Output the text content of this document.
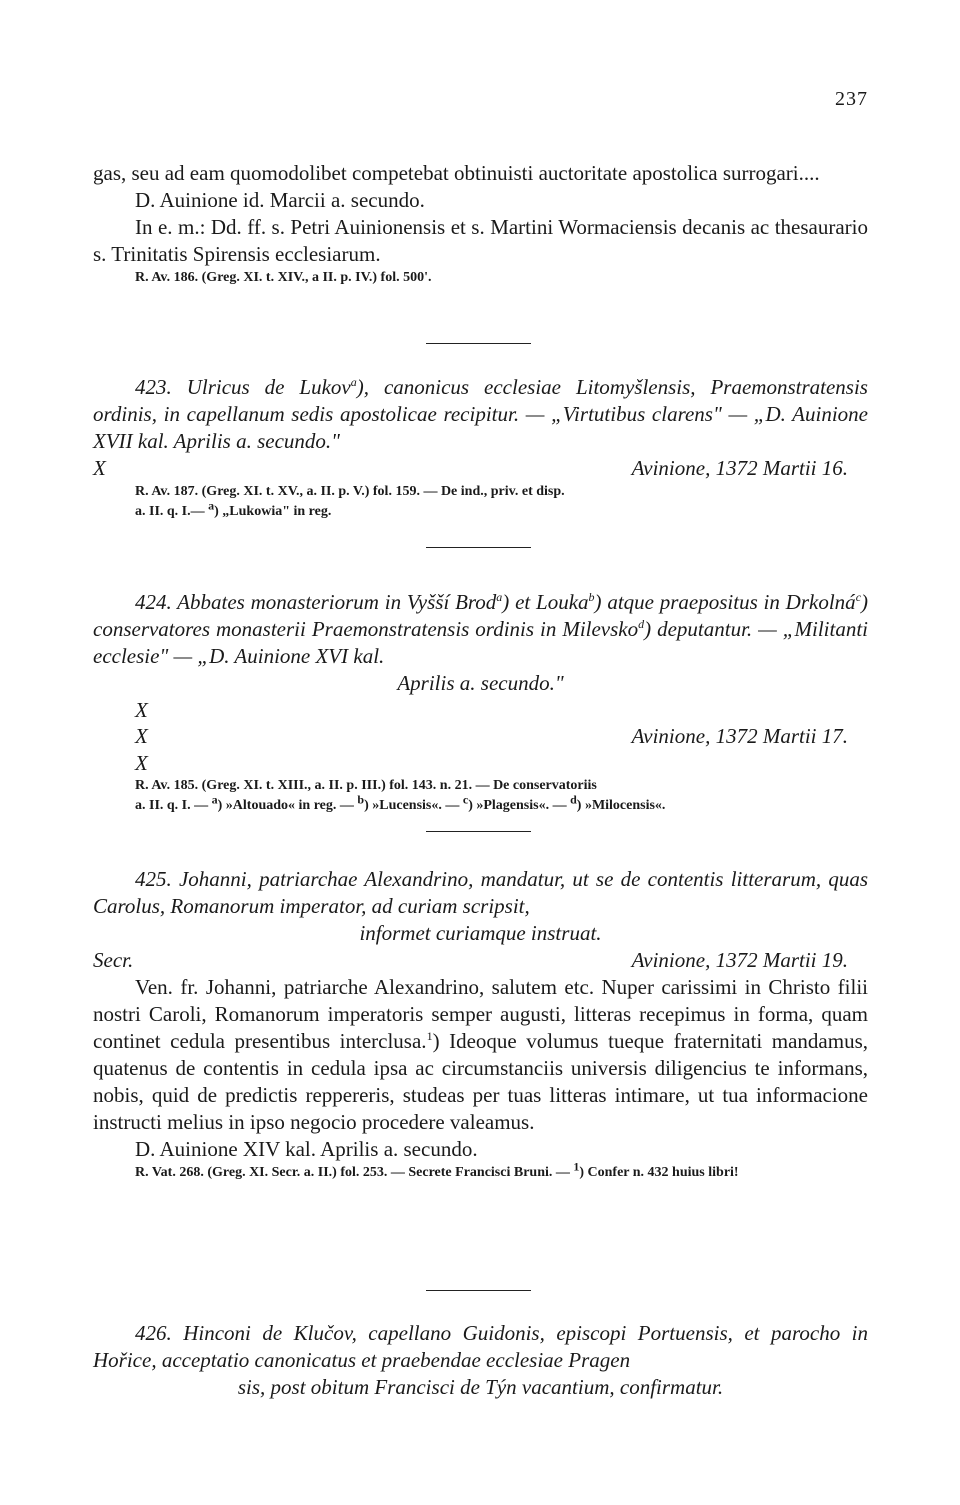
237

gas, seu ad eam quomodolibet competebat obtinuisti auctoritate apostolica surrogari....

D. Auinione id. Marcii a. secundo.

In e. m.: Dd. ff. s. Petri Auinionensis et s. Martini Wormaciensis decanis ac thesaurario s. Trinitatis Spirensis ecclesiarum.

R. Av. 186. (Greg. XI. t. XIV., a II. p. IV.) fol. 500'.

423. Ulricus de Lukov$^a$), canonicus ecclesiae Litomyšlensis, Praemonstratensis ordinis, in capellanum sedis apostolicae recipitur. — „Virtutibus clarens" — „D. Auinione XVII kal. Aprilis a. secundo."

X	Avinione, 1372 Martii 16.

R. Av. 187. (Greg. XI. t. XV., a. II. p. V.) fol. 159. — De ind., priv. et disp.
a. II. q. I.— $^a$) „Lukowia" in reg.

424. Abbates monasteriorum in Vyšší Brod$^a$) et Louka$^b$) atque praepositus in Drkolná$^c$) conservatores monasterii Praemonstratensis ordinis in Milevsko$^d$) deputantur. — „Militanti ecclesie" — „D. Auinione XVI kal.

Aprilis a. secundo."

X
X	Avinione, 1372 Martii 17.
X

R. Av. 185. (Greg. XI. t. XIII., a. II. p. III.) fol. 143. n. 21. — De conservatoriis
a. II. q. I. — $^a$) »Altouado« in reg. — $^b$) »Lucensis«. — $^c$) »Plagensis«. — $^d$) »Milocensis«.

425. Johanni, patriarchae Alexandrino, mandatur, ut se de contentis litterarum, quas Carolus, Romanorum imperator, ad curiam scripsit,

informet curiamque instruat.

Secr.	Avinione, 1372 Martii 19.

Ven. fr. Johanni, patriarche Alexandrino, salutem etc. Nuper carissimi in Christo filii nostri Caroli, Romanorum imperatoris semper augusti, litteras recepimus in forma, quam continet cedula presentibus interclusa.$^1$) Ideoque volumus tueque fraternitati mandamus, quatenus de contentis in cedula ipsa ac circumstanciis universis diligencius te informans, nobis, quid de predictis reppereris, studeas per tuas litteras intimare, ut tua informacione instructi melius in ipso negocio procedere valeamus.

D. Auinione XIV kal. Aprilis a. secundo.

R. Vat. 268. (Greg. XI. Secr. a. II.) fol. 253. — Secrete Francisci Bruni. — $^1$) Confer n. 432 huius libri!

426. Hinconi de Klučov, capellano Guidonis, episcopi Portuensis, et parocho in Hořice, acceptatio canonicatus et praebendae ecclesiae Pragen

sis, post obitum Francisci de Týn vacantium, confirmatur.
